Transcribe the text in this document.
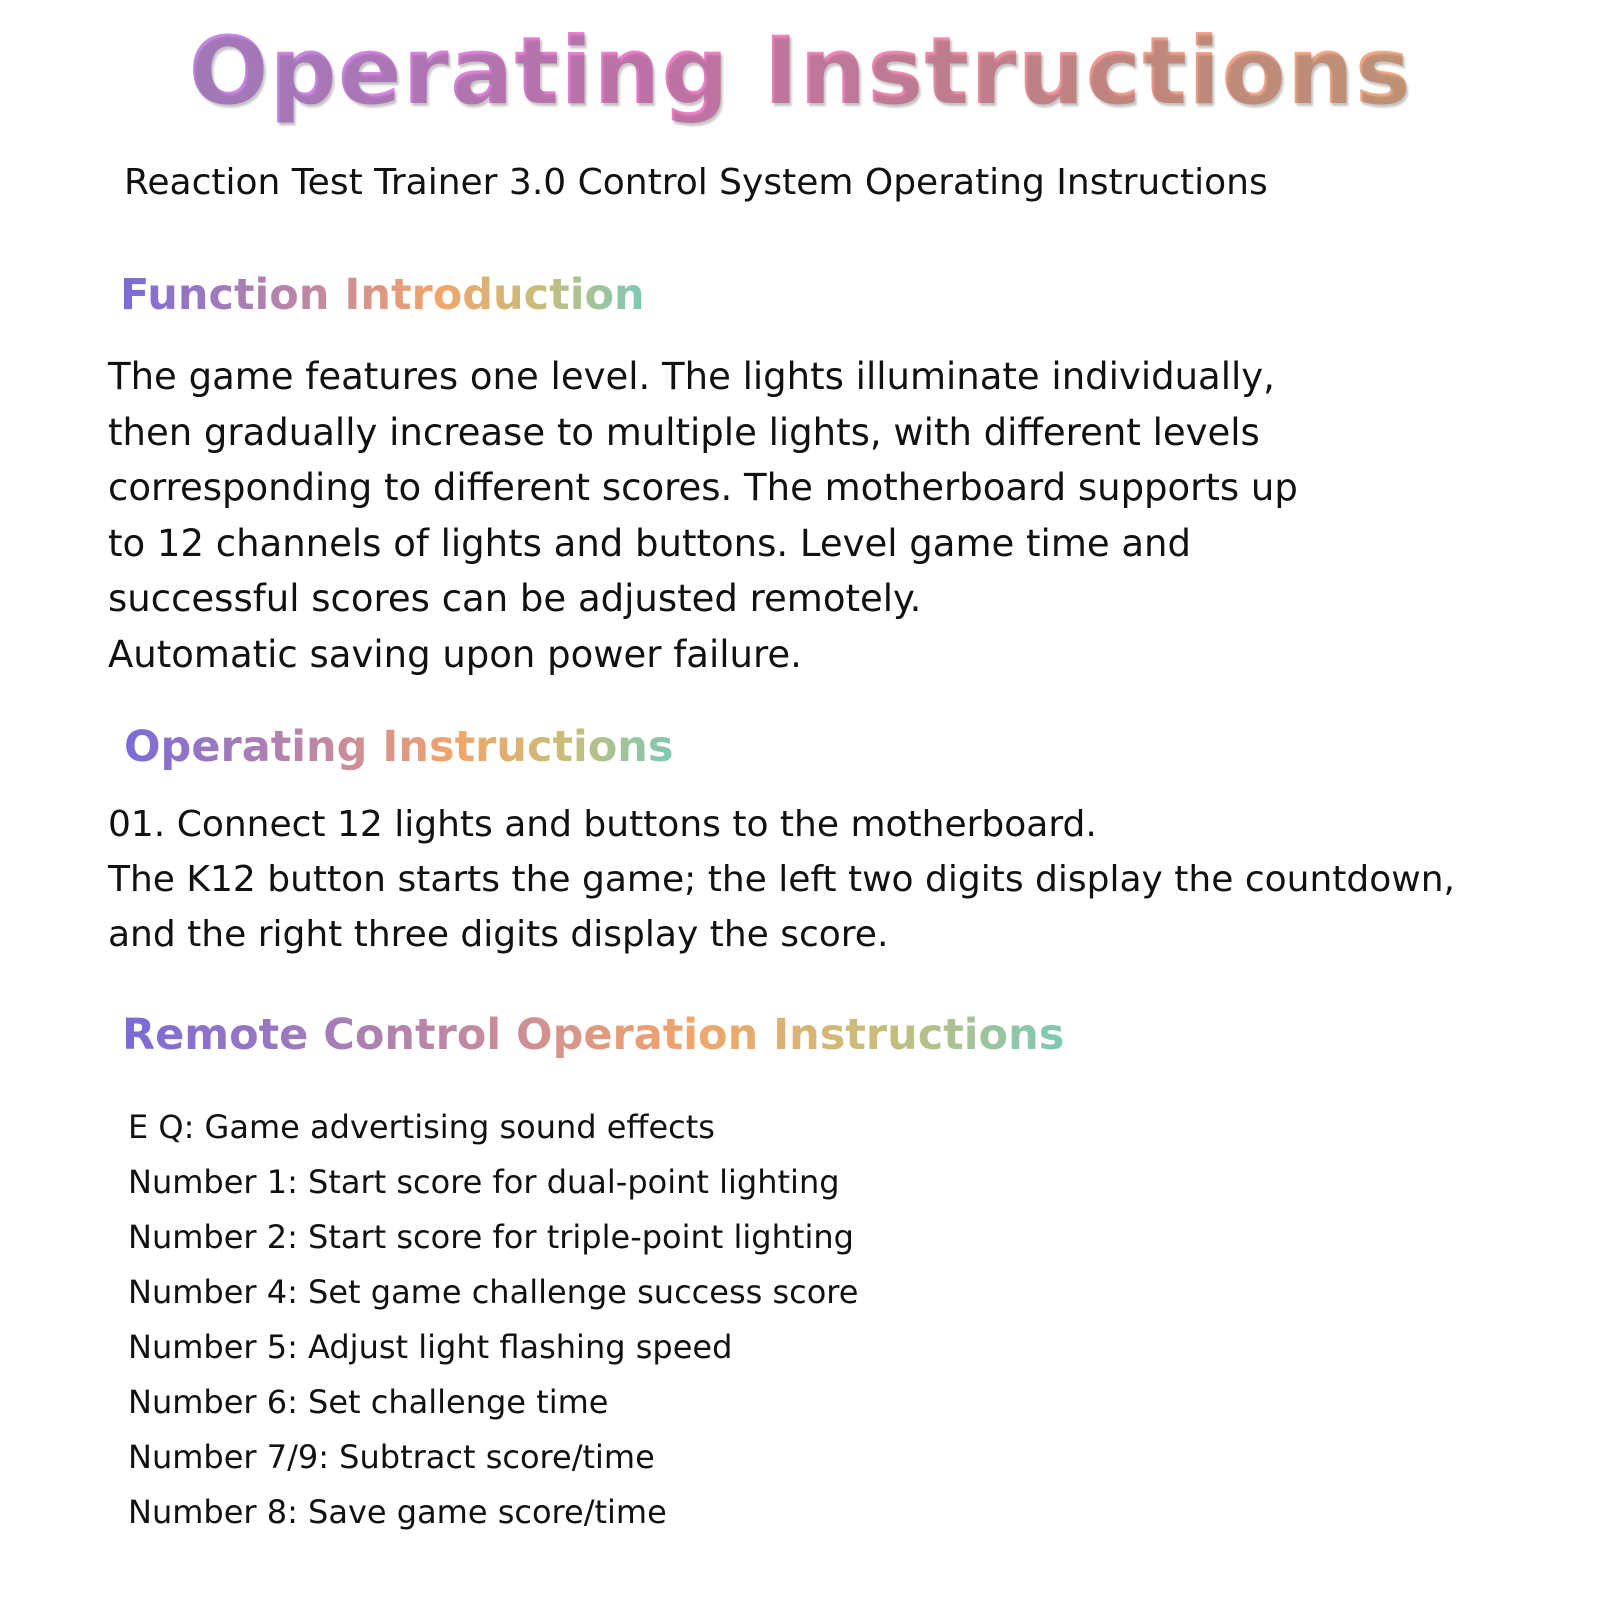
Operating Instructions
Reaction Test Trainer 3.0 Control System Operating Instructions
Function Introduction
The game features one level. The lights illuminate individually,
then gradually increase to multiple lights, with different levels
corresponding to different scores. The motherboard supports up
to 12 channels of lights and buttons. Level game time and
successful scores can be adjusted remotely.
Automatic saving upon power failure.
Operating Instructions
01. Connect 12 lights and buttons to the motherboard.
The K12 button starts the game; the left two digits display the countdown,
and the right three digits display the score.
Remote Control Operation Instructions
E Q: Game advertising sound effects
Number 1: Start score for dual-point lighting
Number 2: Start score for triple-point lighting
Number 4: Set game challenge success score
Number 5: Adjust light flashing speed
Number 6: Set challenge time
Number 7/9: Subtract score/time
Number 8: Save game score/time
